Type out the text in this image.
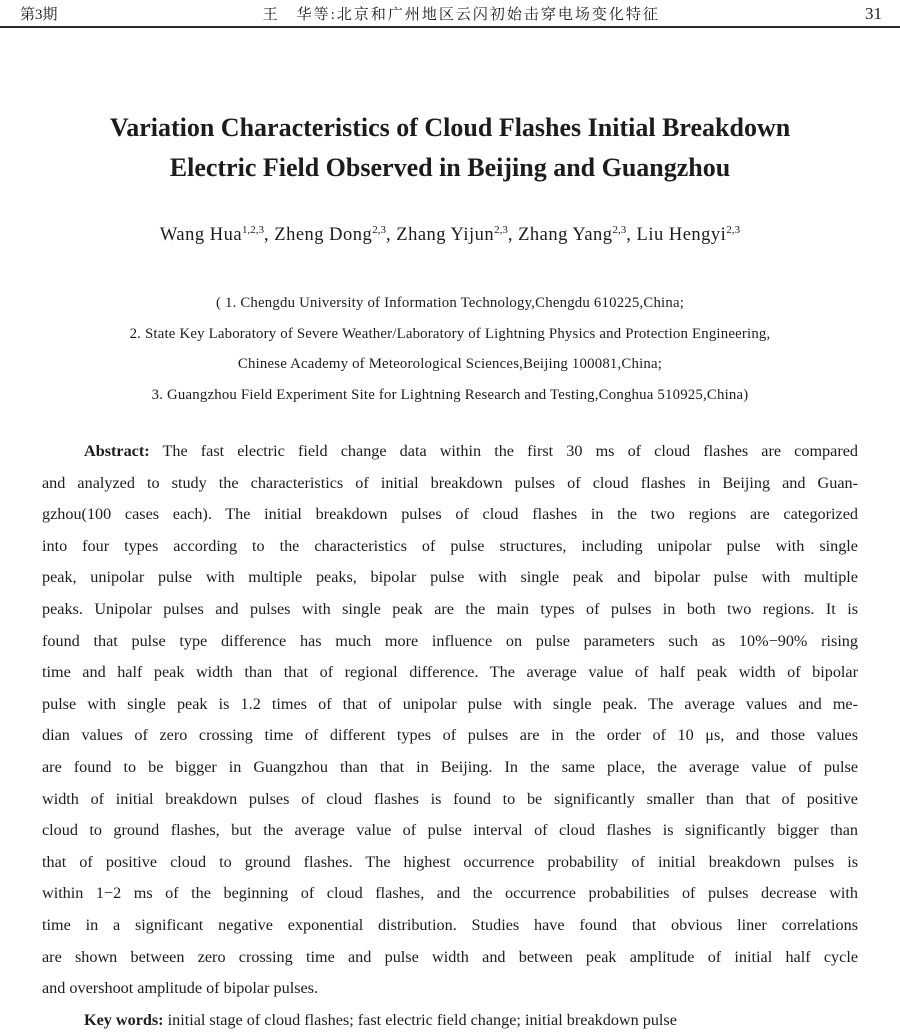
第3期	王　华等:北京和广州地区云闪初始击穿电场变化特征	31
Variation Characteristics of Cloud Flashes Initial Breakdown
Electric Field Observed in Beijing and Guangzhou
Wang Hua$^{1,2,3}$, Zheng Dong$^{2,3}$, Zhang Yijun$^{2,3}$, Zhang Yang$^{2,3}$, Liu Hengyi$^{2,3}$
( 1. Chengdu University of Information Technology,Chengdu 610225,China;
2. State Key Laboratory of Severe Weather/Laboratory of Lightning Physics and Protection Engineering,
Chinese Academy of Meteorological Sciences,Beijing 100081,China;
3. Guangzhou Field Experiment Site for Lightning Research and Testing,Conghua 510925,China)
Abstract: The fast electric field change data within the first 30 ms of cloud flashes are compared
and analyzed to study the characteristics of initial breakdown pulses of cloud flashes in Beijing and Guan-
gzhou(100 cases each). The initial breakdown pulses of cloud flashes in the two regions are categorized
into four types according to the characteristics of pulse structures, including unipolar pulse with single
peak, unipolar pulse with multiple peaks, bipolar pulse with single peak and bipolar pulse with multiple
peaks. Unipolar pulses and pulses with single peak are the main types of pulses in both two regions. It is
found that pulse type difference has much more influence on pulse parameters such as 10%−90% rising
time and half peak width than that of regional difference. The average value of half peak width of bipolar
pulse with single peak is 1.2 times of that of unipolar pulse with single peak. The average values and me-
dian values of zero crossing time of different types of pulses are in the order of 10 μs, and those values
are found to be bigger in Guangzhou than that in Beijing. In the same place, the average value of pulse
width of initial breakdown pulses of cloud flashes is found to be significantly smaller than that of positive
cloud to ground flashes, but the average value of pulse interval of cloud flashes is significantly bigger than
that of positive cloud to ground flashes. The highest occurrence probability of initial breakdown pulses is
within 1−2 ms of the beginning of cloud flashes, and the occurrence probabilities of pulses decrease with
time in a significant negative exponential distribution. Studies have found that obvious liner correlations
are shown between zero crossing time and pulse width and between peak amplitude of initial half cycle
and overshoot amplitude of bipolar pulses.
Key words: initial stage of cloud flashes; fast electric field change; initial breakdown pulse
